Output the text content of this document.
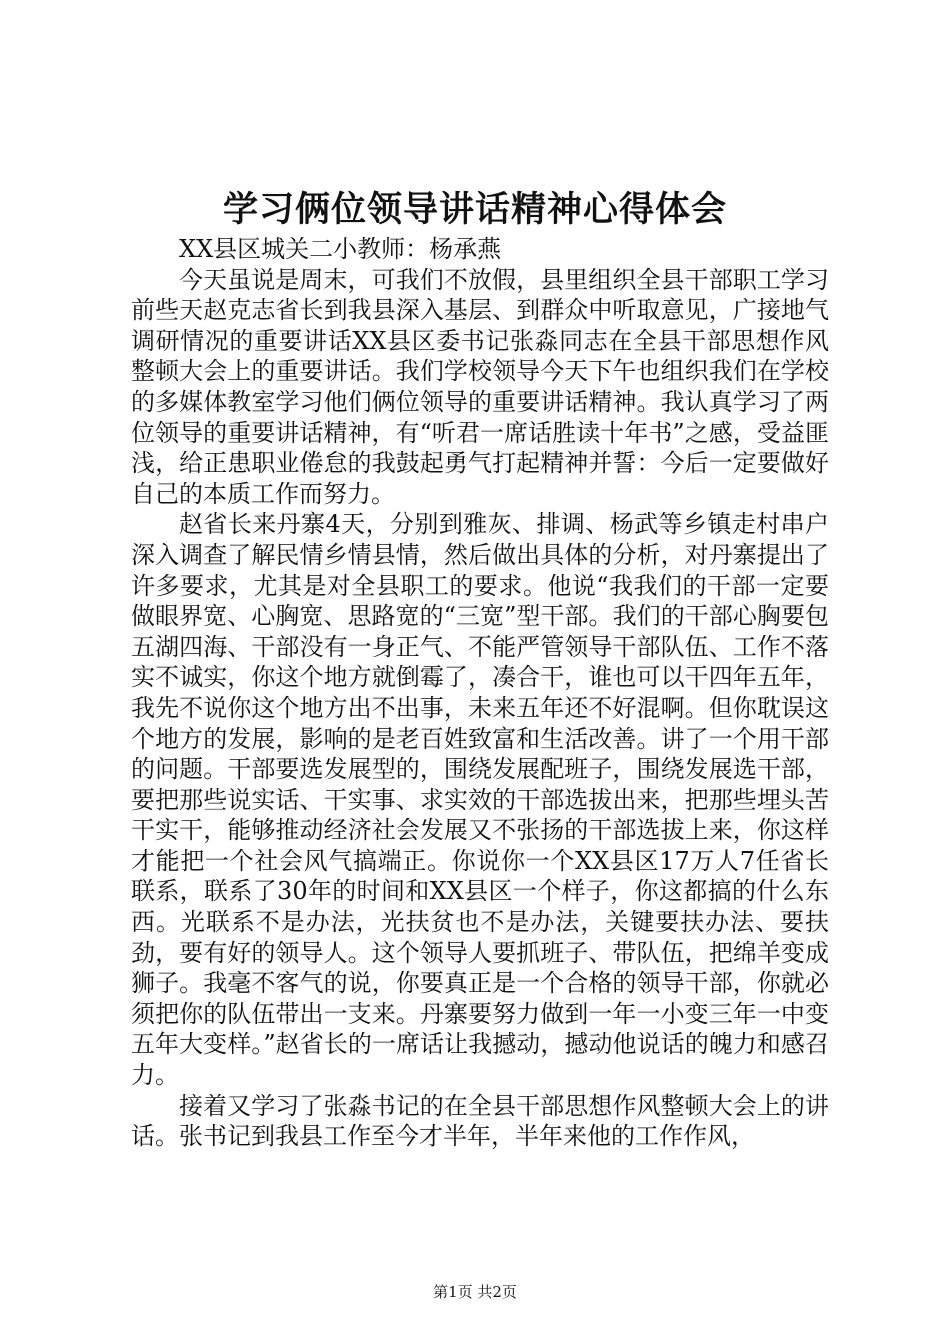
学习俩位领导讲话精神心得体会

XX县区城关二小教师：杨承燕

今天虽说是周末，可我们不放假，县里组织全县干部职工学习前些天赵克志省长到我县深入基层、到群众中听取意见，广接地气调研情况的重要讲话XX县区委书记张淼同志在全县干部思想作风整顿大会上的重要讲话。我们学校领导今天下午也组织我们在学校的多媒体教室学习他们俩位领导的重要讲话精神。我认真学习了两位领导的重要讲话精神，有“听君一席话胜读十年书”之感，受益匪浅，给正患职业倦怠的我鼓起勇气打起精神并誓：今后一定要做好自己的本质工作而努力。

赵省长来丹寨4天，分别到雅灰、排调、杨武等乡镇走村串户深入调查了解民情乡情县情，然后做出具体的分析，对丹寨提出了许多要求，尤其是对全县职工的要求。他说“我我们的干部一定要做眼界宽、心胸宽、思路宽的“三宽”型干部。我们的干部心胸要包五湖四海、干部没有一身正气、不能严管领导干部队伍、工作不落实不诚实，你这个地方就倒霉了，凑合干，谁也可以干四年五年，我先不说你这个地方出不出事，未来五年还不好混啊。但你耽误这个地方的发展，影响的是老百姓致富和生活改善。讲了一个用干部的问题。干部要选发展型的，围绕发展配班子，围绕发展选干部，要把那些说实话、干实事、求实效的干部选拔出来，把那些埋头苦干实干，能够推动经济社会发展又不张扬的干部选拔上来，你这样才能把一个社会风气搞端正。你说你一个XX县区17万人7任省长联系，联系了30年的时间和XX县区一个样子，你这都搞的什么东西。光联系不是办法，光扶贫也不是办法，关键要扶办法、要扶劲，要有好的领导人。这个领导人要抓班子、带队伍，把绵羊变成狮子。我毫不客气的说，你要真正是一个合格的领导干部，你就必须把你的队伍带出一支来。丹寨要努力做到一年一小变三年一中变五年大变样。”赵省长的一席话让我撼动，撼动他说话的魄力和感召力。

接着又学习了张淼书记的在全县干部思想作风整顿大会上的讲话。张书记到我县工作至今才半年，半年来他的工作作风，

第1页 共2页
